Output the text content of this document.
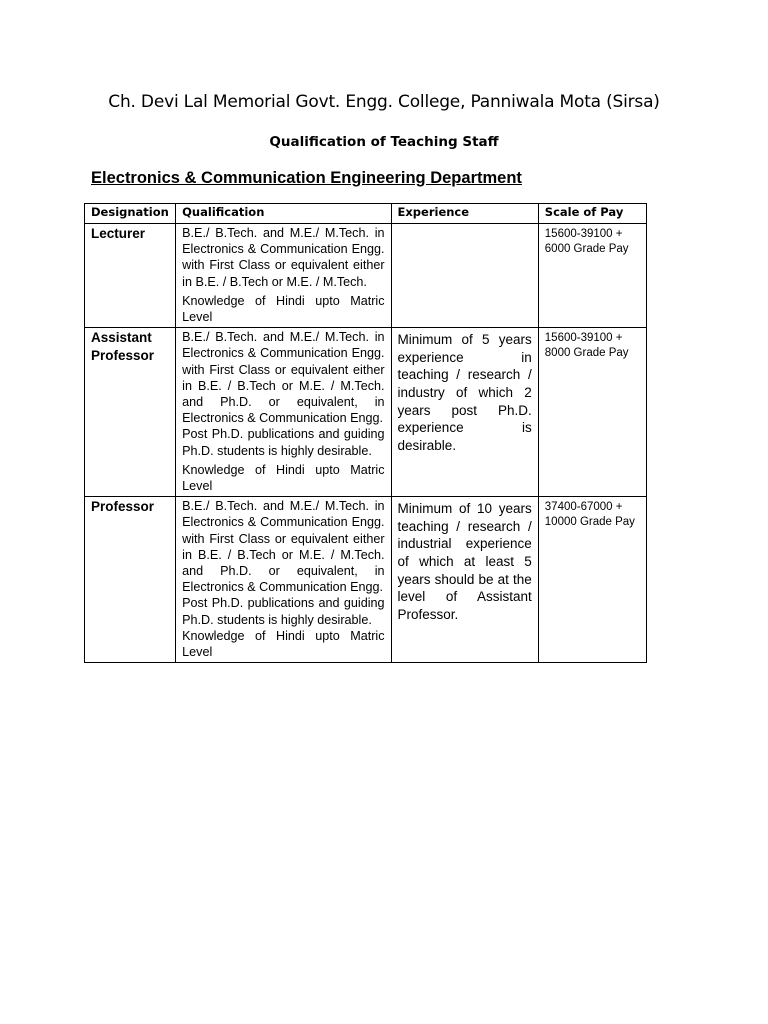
Ch. Devi Lal Memorial Govt. Engg. College, Panniwala Mota (Sirsa)
Qualification of Teaching Staff
Electronics & Communication Engineering Department
Designation	Qualification	Experience	Scale of Pay
Lecturer	B.E./ B.Tech. and M.E./ M.Tech. in Electronics & Communication Engg. with First Class or equivalent either in B.E. / B.Tech or M.E. / M.Tech.

Knowledge of Hindi upto Matric Level		15600-39100 + 6000 Grade Pay
Assistant Professor	B.E./ B.Tech. and M.E./ M.Tech. in Electronics & Communication Engg. with First Class or equivalent either in B.E. / B.Tech or M.E. / M.Tech. and Ph.D. or equivalent, in Electronics & Communication Engg.

Post Ph.D. publications and guiding Ph.D. students is highly desirable.

Knowledge of Hindi upto Matric Level	Minimum of 5 years experience in teaching / research / industry of which 2 years post Ph.D. experience is desirable.	15600-39100 + 8000 Grade Pay
Professor	B.E./ B.Tech. and M.E./ M.Tech. in Electronics & Communication Engg. with First Class or equivalent either in B.E. / B.Tech or M.E. / M.Tech. and Ph.D. or equivalent, in Electronics & Communication Engg.

Post Ph.D. publications and guiding Ph.D. students is highly desirable.

Knowledge of Hindi upto Matric Level	Minimum of 10 years teaching / research / industrial experience of which at least 5 years should be at the level of Assistant Professor.	37400-67000 + 10000 Grade Pay
